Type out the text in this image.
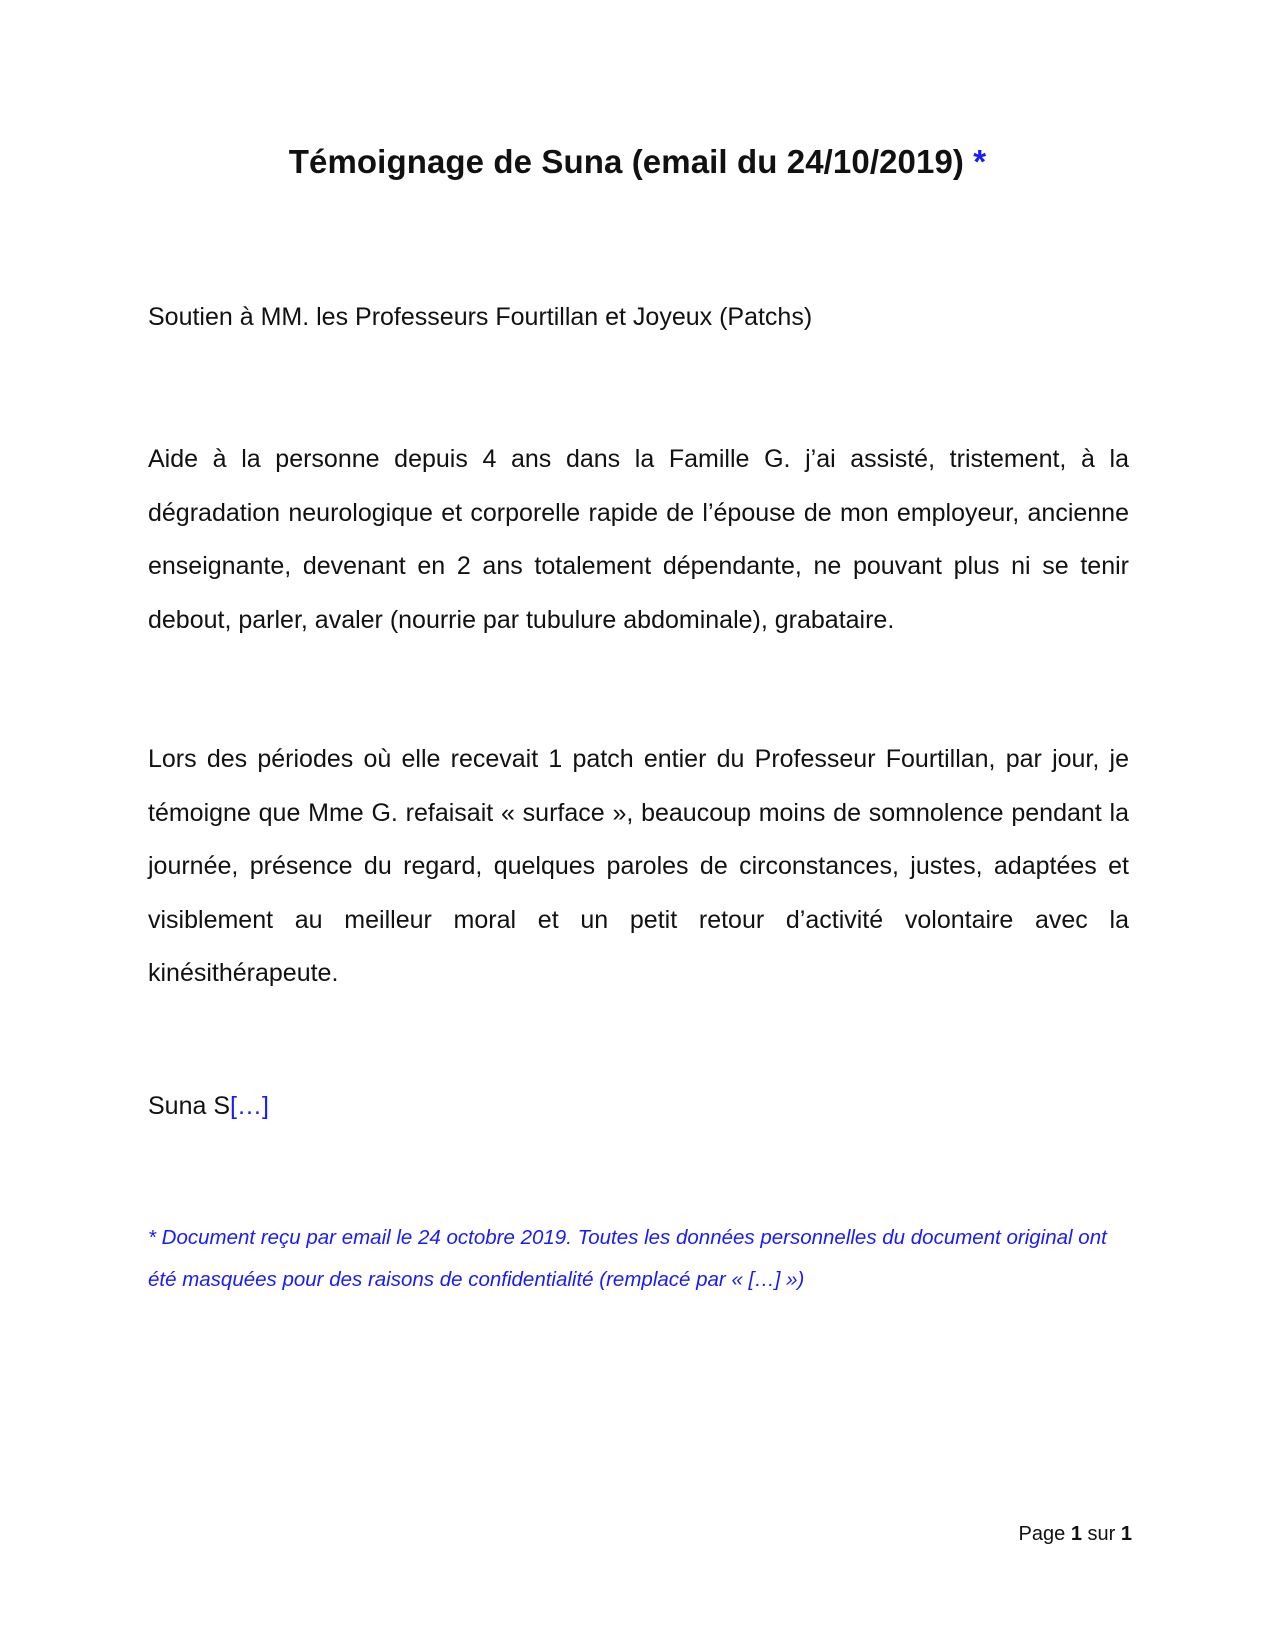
Témoignage de Suna (email du 24/10/2019) *
Soutien à MM. les Professeurs Fourtillan et Joyeux (Patchs)
Aide à la personne depuis 4 ans dans la Famille G. j’ai assisté, tristement, à la dégradation neurologique et corporelle rapide de l’épouse de mon employeur, ancienne enseignante, devenant en 2 ans totalement dépendante, ne pouvant plus ni se tenir debout, parler, avaler (nourrie par tubulure abdominale), grabataire.
Lors des périodes où elle recevait 1 patch entier du Professeur Fourtillan, par jour, je témoigne que Mme G. refaisait « surface », beaucoup moins de somnolence pendant la journée, présence du regard, quelques paroles de circonstances, justes, adaptées et visiblement au meilleur moral et un petit retour d’activité volontaire avec la kinésithérapeute.
Suna S[…]
* Document reçu par email le 24 octobre 2019. Toutes les données personnelles du document original ont été masquées pour des raisons de confidentialité (remplacé par « […] »)
Page 1 sur 1
